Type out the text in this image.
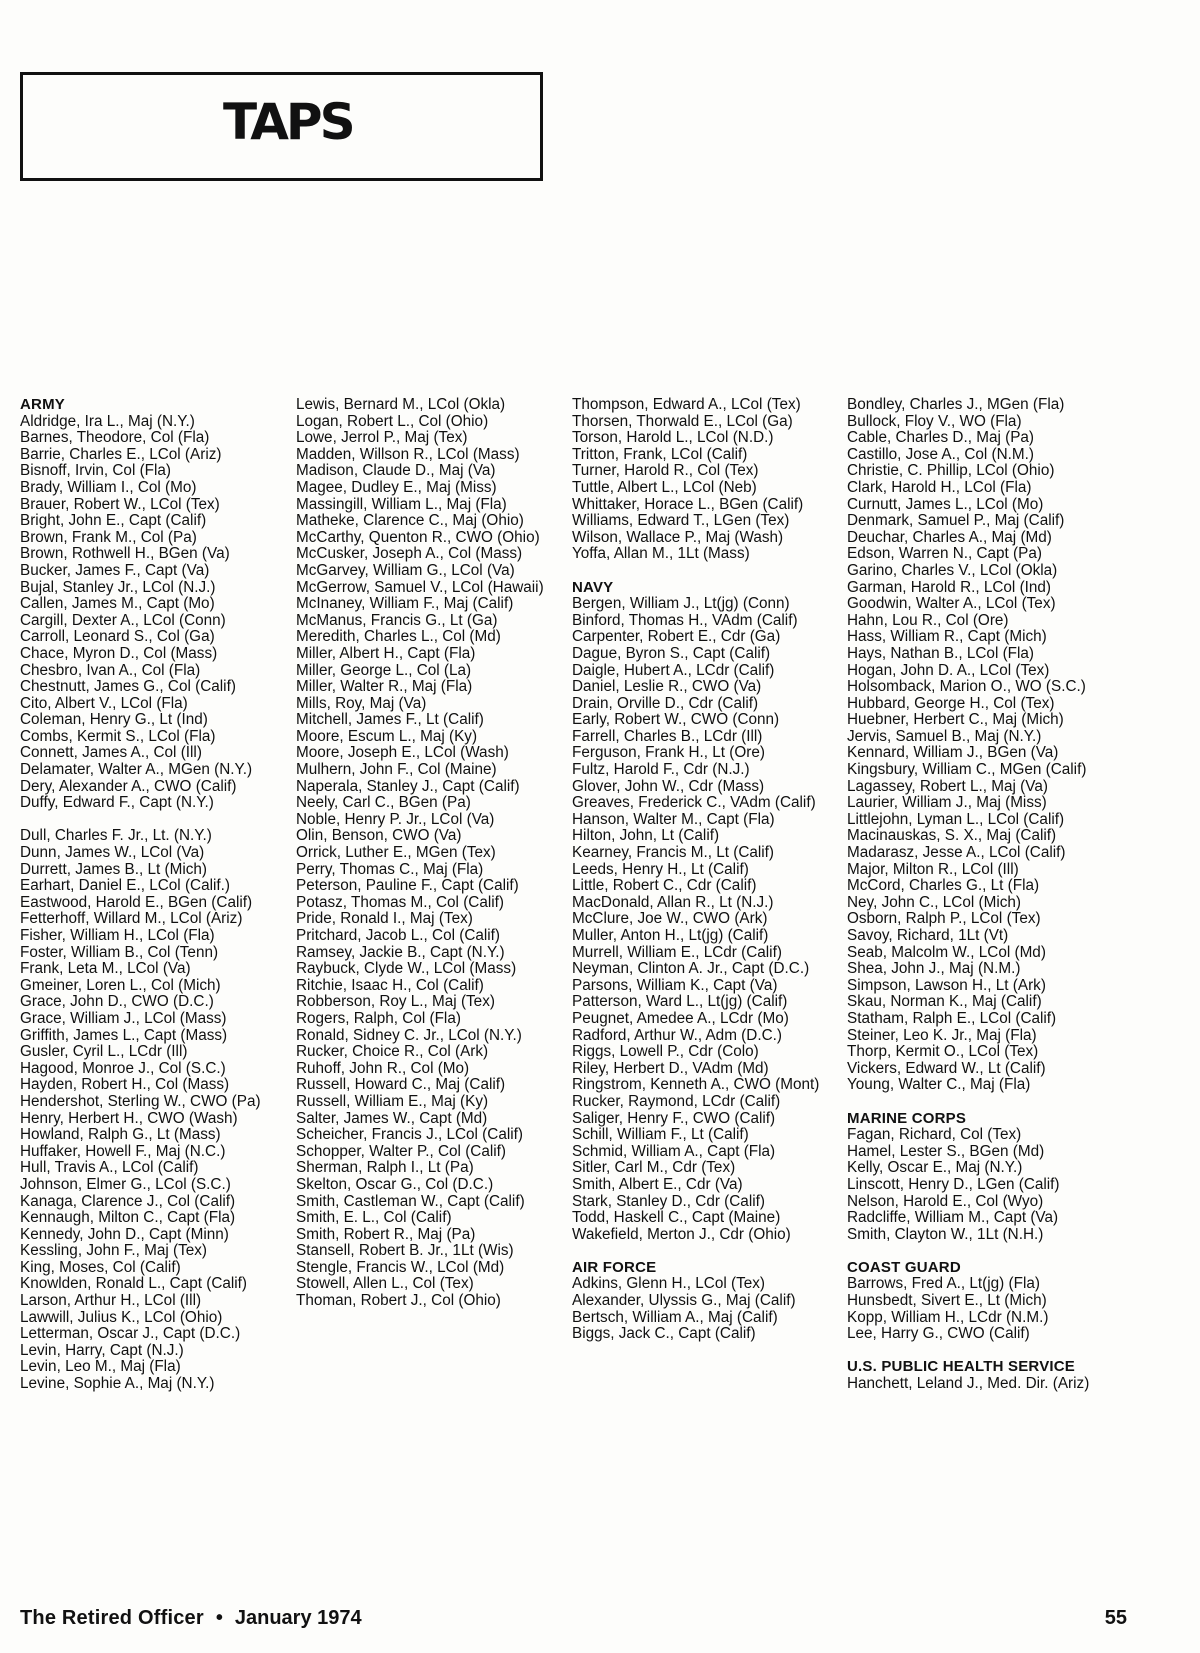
TAPS
ARMY
Aldridge, Ira L., Maj (N.Y.)
Barnes, Theodore, Col (Fla)
Barrie, Charles E., LCol (Ariz)
Bisnoff, Irvin, Col (Fla)
Brady, William I., Col (Mo)
Brauer, Robert W., LCol (Tex)
Bright, John E., Capt (Calif)
Brown, Frank M., Col (Pa)
Brown, Rothwell H., BGen (Va)
Bucker, James F., Capt (Va)
Bujal, Stanley Jr., LCol (N.J.)
Callen, James M., Capt (Mo)
Cargill, Dexter A., LCol (Conn)
Carroll, Leonard S., Col (Ga)
Chace, Myron D., Col (Mass)
Chesbro, Ivan A., Col (Fla)
Chestnutt, James G., Col (Calif)
Cito, Albert V., LCol (Fla)
Coleman, Henry G., Lt (Ind)
Combs, Kermit S., LCol (Fla)
Connett, James A., Col (Ill)
Delamater, Walter A., MGen (N.Y.)
Dery, Alexander A., CWO (Calif)
Duffy, Edward F., Capt (N.Y.)
Dull, Charles F. Jr., Lt. (N.Y.)
Dunn, James W., LCol (Va)
Durrett, James B., Lt (Mich)
Earhart, Daniel E., LCol (Calif.)
Eastwood, Harold E., BGen (Calif)
Fetterhoff, Willard M., LCol (Ariz)
Fisher, William H., LCol (Fla)
Foster, William B., Col (Tenn)
Frank, Leta M., LCol (Va)
Gmeiner, Loren L., Col (Mich)
Grace, John D., CWO (D.C.)
Grace, William J., LCol (Mass)
Griffith, James L., Capt (Mass)
Gusler, Cyril L., LCdr (Ill)
Hagood, Monroe J., Col (S.C.)
Hayden, Robert H., Col (Mass)
Hendershot, Sterling W., CWO (Pa)
Henry, Herbert H., CWO (Wash)
Howland, Ralph G., Lt (Mass)
Huffaker, Howell F., Maj (N.C.)
Hull, Travis A., LCol (Calif)
Johnson, Elmer G., LCol (S.C.)
Kanaga, Clarence J., Col (Calif)
Kennaugh, Milton C., Capt (Fla)
Kennedy, John D., Capt (Minn)
Kessling, John F., Maj (Tex)
King, Moses, Col (Calif)
Knowlden, Ronald L., Capt (Calif)
Larson, Arthur H., LCol (Ill)
Lawwill, Julius K., LCol (Ohio)
Letterman, Oscar J., Capt (D.C.)
Levin, Harry, Capt (N.J.)
Levin, Leo M., Maj (Fla)
Levine, Sophie A., Maj (N.Y.)
Lewis, Bernard M., LCol (Okla)
Logan, Robert L., Col (Ohio)
Lowe, Jerrol P., Maj (Tex)
Madden, Willson R., LCol (Mass)
Madison, Claude D., Maj (Va)
Magee, Dudley E., Maj (Miss)
Massingill, William L., Maj (Fla)
Matheke, Clarence C., Maj (Ohio)
McCarthy, Quenton R., CWO (Ohio)
McCusker, Joseph A., Col (Mass)
McGarvey, William G., LCol (Va)
McGerrow, Samuel V., LCol (Hawaii)
McInaney, William F., Maj (Calif)
McManus, Francis G., Lt (Ga)
Meredith, Charles L., Col (Md)
Miller, Albert H., Capt (Fla)
Miller, George L., Col (La)
Miller, Walter R., Maj (Fla)
Mills, Roy, Maj (Va)
Mitchell, James F., Lt (Calif)
Moore, Escum L., Maj (Ky)
Moore, Joseph E., LCol (Wash)
Mulhern, John F., Col (Maine)
Naperala, Stanley J., Capt (Calif)
Neely, Carl C., BGen (Pa)
Noble, Henry P. Jr., LCol (Va)
Olin, Benson, CWO (Va)
Orrick, Luther E., MGen (Tex)
Perry, Thomas C., Maj (Fla)
Peterson, Pauline F., Capt (Calif)
Potasz, Thomas M., Col (Calif)
Pride, Ronald I., Maj (Tex)
Pritchard, Jacob L., Col (Calif)
Ramsey, Jackie B., Capt (N.Y.)
Raybuck, Clyde W., LCol (Mass)
Ritchie, Isaac H., Col (Calif)
Robberson, Roy L., Maj (Tex)
Rogers, Ralph, Col (Fla)
Ronald, Sidney C. Jr., LCol (N.Y.)
Rucker, Choice R., Col (Ark)
Ruhoff, John R., Col (Mo)
Russell, Howard C., Maj (Calif)
Russell, William E., Maj (Ky)
Salter, James W., Capt (Md)
Scheicher, Francis J., LCol (Calif)
Schopper, Walter P., Col (Calif)
Sherman, Ralph I., Lt (Pa)
Skelton, Oscar G., Col (D.C.)
Smith, Castleman W., Capt (Calif)
Smith, E. L., Col (Calif)
Smith, Robert R., Maj (Pa)
Stansell, Robert B. Jr., 1Lt (Wis)
Stengle, Francis W., LCol (Md)
Stowell, Allen L., Col (Tex)
Thoman, Robert J., Col (Ohio)
Thompson, Edward A., LCol (Tex)
Thorsen, Thorwald E., LCol (Ga)
Torson, Harold L., LCol (N.D.)
Tritton, Frank, LCol (Calif)
Turner, Harold R., Col (Tex)
Tuttle, Albert L., LCol (Neb)
Whittaker, Horace L., BGen (Calif)
Williams, Edward T., LGen (Tex)
Wilson, Wallace P., Maj (Wash)
Yoffa, Allan M., 1Lt (Mass)
NAVY
Bergen, William J., Lt(jg) (Conn)
Binford, Thomas H., VAdm (Calif)
Carpenter, Robert E., Cdr (Ga)
Dague, Byron S., Capt (Calif)
Daigle, Hubert A., LCdr (Calif)
Daniel, Leslie R., CWO (Va)
Drain, Orville D., Cdr (Calif)
Early, Robert W., CWO (Conn)
Farrell, Charles B., LCdr (Ill)
Ferguson, Frank H., Lt (Ore)
Fultz, Harold F., Cdr (N.J.)
Glover, John W., Cdr (Mass)
Greaves, Frederick C., VAdm (Calif)
Hanson, Walter M., Capt (Fla)
Hilton, John, Lt (Calif)
Kearney, Francis M., Lt (Calif)
Leeds, Henry H., Lt (Calif)
Little, Robert C., Cdr (Calif)
MacDonald, Allan R., Lt (N.J.)
McClure, Joe W., CWO (Ark)
Muller, Anton H., Lt(jg) (Calif)
Murrell, William E., LCdr (Calif)
Neyman, Clinton A. Jr., Capt (D.C.)
Parsons, William K., Capt (Va)
Patterson, Ward L., Lt(jg) (Calif)
Peugnet, Amedee A., LCdr (Mo)
Radford, Arthur W., Adm (D.C.)
Riggs, Lowell P., Cdr (Colo)
Riley, Herbert D., VAdm (Md)
Ringstrom, Kenneth A., CWO (Mont)
Rucker, Raymond, LCdr (Calif)
Saliger, Henry F., CWO (Calif)
Schill, William F., Lt (Calif)
Schmid, William A., Capt (Fla)
Sitler, Carl M., Cdr (Tex)
Smith, Albert E., Cdr (Va)
Stark, Stanley D., Cdr (Calif)
Todd, Haskell C., Capt (Maine)
Wakefield, Merton J., Cdr (Ohio)
AIR FORCE
Adkins, Glenn H., LCol (Tex)
Alexander, Ulyssis G., Maj (Calif)
Bertsch, William A., Maj (Calif)
Biggs, Jack C., Capt (Calif)
Bondley, Charles J., MGen (Fla)
Bullock, Floy V., WO (Fla)
Cable, Charles D., Maj (Pa)
Castillo, Jose A., Col (N.M.)
Christie, C. Phillip, LCol (Ohio)
Clark, Harold H., LCol (Fla)
Curnutt, James L., LCol (Mo)
Denmark, Samuel P., Maj (Calif)
Deuchar, Charles A., Maj (Md)
Edson, Warren N., Capt (Pa)
Garino, Charles V., LCol (Okla)
Garman, Harold R., LCol (Ind)
Goodwin, Walter A., LCol (Tex)
Hahn, Lou R., Col (Ore)
Hass, William R., Capt (Mich)
Hays, Nathan B., LCol (Fla)
Hogan, John D. A., LCol (Tex)
Holsomback, Marion O., WO (S.C.)
Hubbard, George H., Col (Tex)
Huebner, Herbert C., Maj (Mich)
Jervis, Samuel B., Maj (N.Y.)
Kennard, William J., BGen (Va)
Kingsbury, William C., MGen (Calif)
Lagassey, Robert L., Maj (Va)
Laurier, William J., Maj (Miss)
Littlejohn, Lyman L., LCol (Calif)
Macinauskas, S. X., Maj (Calif)
Madarasz, Jesse A., LCol (Calif)
Major, Milton R., LCol (Ill)
McCord, Charles G., Lt (Fla)
Ney, John C., LCol (Mich)
Osborn, Ralph P., LCol (Tex)
Savoy, Richard, 1Lt (Vt)
Seab, Malcolm W., LCol (Md)
Shea, John J., Maj (N.M.)
Simpson, Lawson H., Lt (Ark)
Skau, Norman K., Maj (Calif)
Statham, Ralph E., LCol (Calif)
Steiner, Leo K. Jr., Maj (Fla)
Thorp, Kermit O., LCol (Tex)
Vickers, Edward W., Lt (Calif)
Young, Walter C., Maj (Fla)
MARINE CORPS
Fagan, Richard, Col (Tex)
Hamel, Lester S., BGen (Md)
Kelly, Oscar E., Maj (N.Y.)
Linscott, Henry D., LGen (Calif)
Nelson, Harold E., Col (Wyo)
Radcliffe, William M., Capt (Va)
Smith, Clayton W., 1Lt (N.H.)
COAST GUARD
Barrows, Fred A., Lt(jg) (Fla)
Hunsbedt, Sivert E., Lt (Mich)
Kopp, William H., LCdr (N.M.)
Lee, Harry G., CWO (Calif)
U.S. PUBLIC HEALTH SERVICE
Hanchett, Leland J., Med. Dir. (Ariz)
The Retired Officer • January 1974	55
